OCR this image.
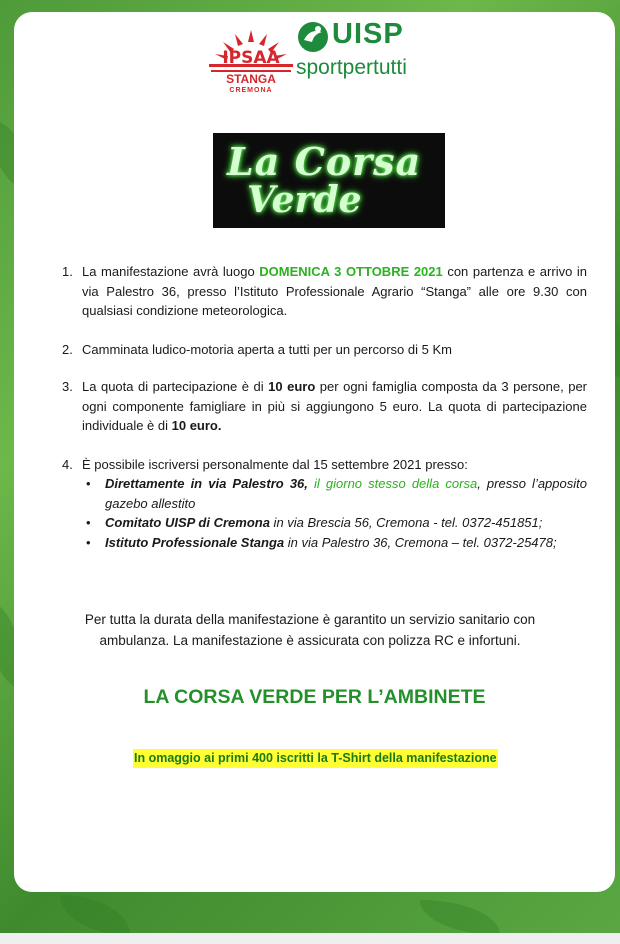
IPSAA
STANGA
CREMONA
UISP
sportpertutti
La Corsa
Verde
1. La manifestazione avrà luogo DOMENICA 3 OTTOBRE 2021 con partenza e arrivo in via Palestro 36, presso l’Istituto Professionale Agrario “Stanga” alle ore 9.30 con qualsiasi condizione meteorologica.
2. Camminata ludico-motoria aperta a tutti per un percorso di 5 Km
3. La quota di partecipazione è di 10 euro per ogni famiglia composta da 3 persone, per ogni componente famigliare in più si aggiungono 5 euro. La quota di partecipazione individuale è di 10 euro.
4. È possibile iscriversi personalmente dal 15 settembre 2021 presso:

• Direttamente in via Palestro 36, il giorno stesso della corsa, presso l’apposito gazebo allestito

• Comitato UISP di Cremona in via Brescia 56, Cremona - tel. 0372-451851;

• Istituto Professionale Stanga in via Palestro 36, Cremona – tel. 0372-25478;

Per tutta la durata della manifestazione è garantito un servizio sanitario con ambulanza. La manifestazione è assicurata con polizza RC e infortuni.
LA CORSA VERDE PER L’AMBINETE
In omaggio ai primi 400 iscritti la T-Shirt della manifestazione
